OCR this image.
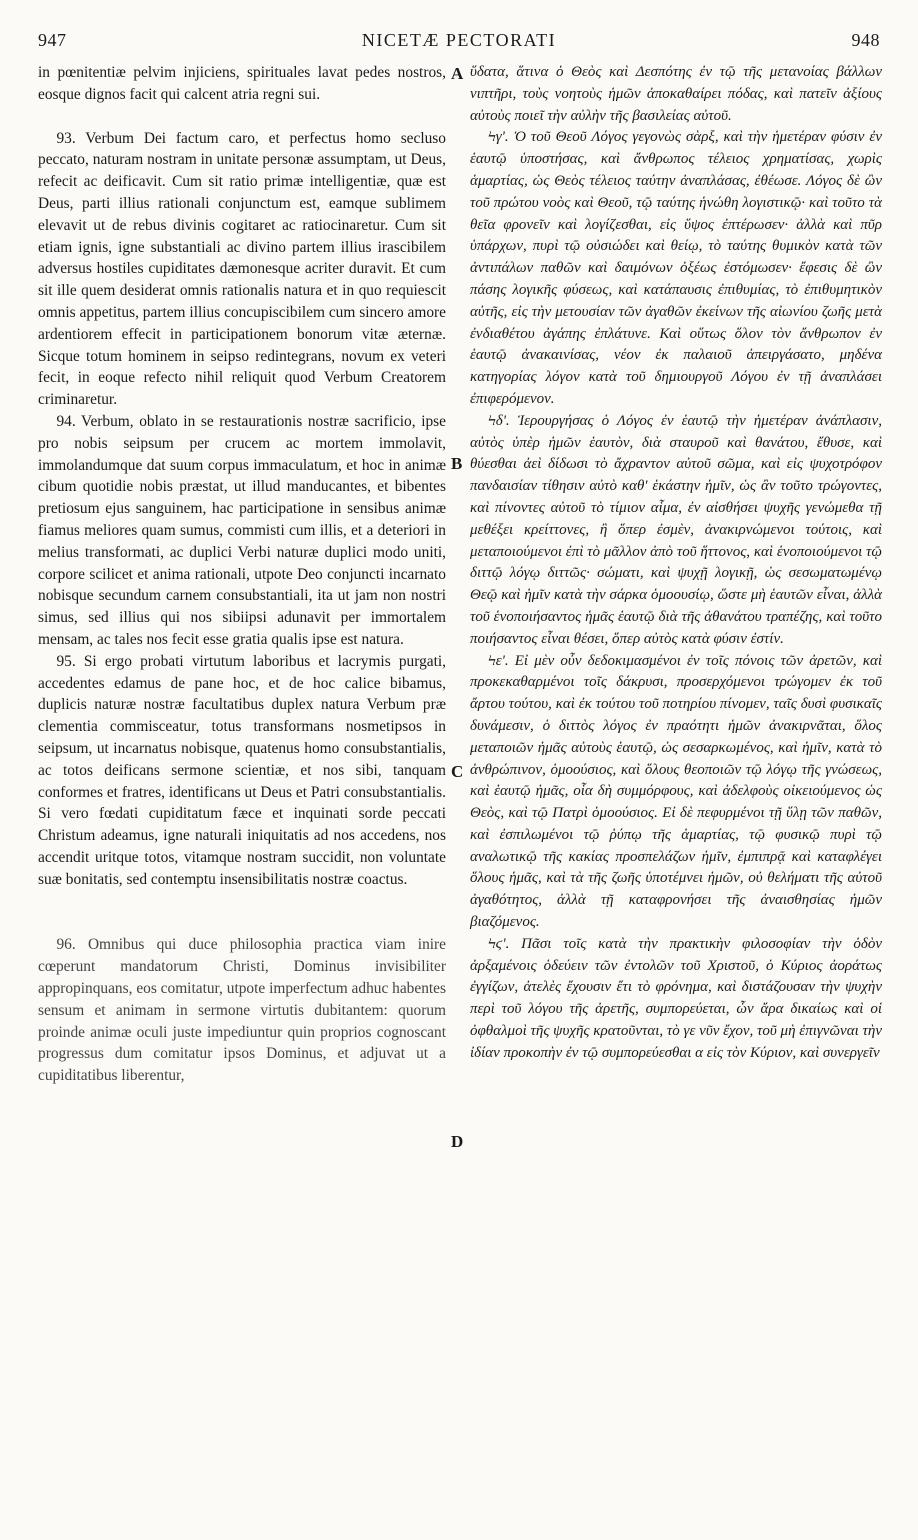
947	NICETÆ PECTORATI	948
A
B
C
D

in pœnitentiæ pelvim injiciens, spirituales lavat pedes nostros, eosque dignos facit qui calcent atria regni sui.

93. Verbum Dei factum caro, et perfectus homo secluso peccato, naturam nostram in unitate personæ assumptam, ut Deus, refecit ac deificavit. Cum sit ratio primæ intelligentiæ, quæ est Deus, parti illius rationali conjunctum est, eamque sublimem elevavit ut de rebus divinis cogitaret ac ratiocinaretur. Cum sit etiam ignis, igne substantiali ac divino partem illius irascibilem adversus hostiles cupiditates dæmonesque acriter duravit. Et cum sit ille quem desiderat omnis rationalis natura et in quo requiescit omnis appetitus, partem illius concupiscibilem cum sincero amore ardentiorem effecit in participationem bonorum vitæ æternæ. Sicque totum hominem in seipso redintegrans, novum ex veteri fecit, in eoque refecto nihil reliquit quod Verbum Creatorem criminaretur.

94. Verbum, oblato in se restaurationis nostræ sacrificio, ipse pro nobis seipsum per crucem ac mortem immolavit, immolandumque dat suum corpus immaculatum, et hoc in animæ cibum quotidie nobis præstat, ut illud manducantes, et bibentes pretiosum ejus sanguinem, hac participatione in sensibus animæ fiamus meliores quam sumus, commisti cum illis, et a deteriori in melius transformati, ac duplici Verbi naturæ duplici modo uniti, corpore scilicet et anima rationali, utpote Deo conjuncti incarnato nobisque secundum carnem consubstantiali, ita ut jam non nostri simus, sed illius qui nos sibiipsi adunavit per immortalem mensam, ac tales nos fecit esse gratia qualis ipse est natura.

95. Si ergo probati virtutum laboribus et lacrymis purgati, accedentes edamus de pane hoc, et de hoc calice bibamus, duplicis naturæ nostræ facultatibus duplex natura Verbum præ clementia commisceatur, totus transformans nosmetipsos in seipsum, ut incarnatus nobisque, quatenus homo consubstantialis, ac totos deificans sermone scientiæ, et nos sibi, tanquam conformes et fratres, identificans ut Deus et Patri consubstantialis. Si vero fœdati cupiditatum fæce et inquinati sorde peccati Christum adeamus, igne naturali iniquitatis ad nos accedens, nos accendit uritque totos, vitamque nostram succidit, non voluntate suæ bonitatis, sed contemptu insensibilitatis nostræ coactus.

96. Omnibus qui duce philosophia practica viam inire cœperunt mandatorum Christi, Dominus invisibiliter appropinquans, eos comitatur, utpote imperfectum adhuc habentes sensum et animam in sermone virtutis dubitantem: quorum proinde animæ oculi juste impediuntur quin proprios cognoscant progressus dum comitatur ipsos Dominus, et adjuvat ut a cupiditatibus liberentur,

ὕδατα, ἅτινα ὁ Θεὸς καὶ Δεσπότης ἐν τῷ τῆς μετανοίας βάλλων νιπτῆρι, τοὺς νοητοὺς ἡμῶν ἀποκαθαίρει πόδας, καὶ πατεῖν ἀξίους αὐτοὺς ποιεῖ τὴν αὐλὴν τῆς βασιλείας αὐτοῦ.

Ϟγ'. Ὁ τοῦ Θεοῦ Λόγος γεγονὼς σὰρξ, καὶ τὴν ἡμετέραν φύσιν ἐν ἑαυτῷ ὑποστήσας, καὶ ἄνθρωπος τέλειος χρηματίσας, χωρὶς ἁμαρτίας, ὡς Θεὸς τέλειος ταύτην ἀναπλάσας, ἐθέωσε. Λόγος δὲ ὢν τοῦ πρώτου νοὸς καὶ Θεοῦ, τῷ ταύτης ἡνώθη λογιστικῷ· καὶ τοῦτο τὰ θεῖα φρονεῖν καὶ λογίζεσθαι, εἰς ὕψος ἐπτέρωσεν· ἀλλὰ καὶ πῦρ ὑπάρχων, πυρὶ τῷ οὐσιώδει καὶ θείῳ, τὸ ταύτης θυμικὸν κατὰ τῶν ἀντιπάλων παθῶν καὶ δαιμόνων ὀξέως ἐστόμωσεν· ἔφεσις δὲ ὢν πάσης λογικῆς φύσεως, καὶ κατάπαυσις ἐπιθυμίας, τὸ ἐπιθυμητικὸν αὐτῆς, εἰς τὴν μετουσίαν τῶν ἀγαθῶν ἐκείνων τῆς αἰωνίου ζωῆς μετὰ ἐνδιαθέτου ἀγάπης ἐπλάτυνε. Καὶ οὕτως ὅλον τὸν ἄνθρωπον ἐν ἑαυτῷ ἀνακαινίσας, νέον ἐκ παλαιοῦ ἀπειργάσατο, μηδένα κατηγορίας λόγον κατὰ τοῦ δημιουργοῦ Λόγου ἐν τῇ ἀναπλάσει ἐπιφερόμενον.

Ϟδ'. Ἱερουργήσας ὁ Λόγος ἐν ἑαυτῷ τὴν ἡμετέραν ἀνάπλασιν, αὐτὸς ὑπὲρ ἡμῶν ἑαυτὸν, διὰ σταυροῦ καὶ θανάτου, ἔθυσε, καὶ θύεσθαι ἀεὶ δίδωσι τὸ ἄχραντον αὐτοῦ σῶμα, καὶ εἰς ψυχοτρόφον πανδαισίαν τίθησιν αὐτὸ καθ' ἑκάστην ἡμῖν, ὡς ἂν τοῦτο τρώγοντες, καὶ πίνοντες αὐτοῦ τὸ τίμιον αἷμα, ἐν αἰσθήσει ψυχῆς γενώμεθα τῇ μεθέξει κρείττονες, ἢ ὅπερ ἐσμὲν, ἀνακιρνώμενοι τούτοις, καὶ μεταποιούμενοι ἐπὶ τὸ μᾶλλον ἀπὸ τοῦ ἥττονος, καὶ ἑνοποιούμενοι τῷ διττῷ λόγῳ διττῶς· σώματι, καὶ ψυχῇ λογικῇ, ὡς σεσωματωμένῳ Θεῷ καὶ ἡμῖν κατὰ τὴν σάρκα ὁμοουσίῳ, ὥστε μὴ ἑαυτῶν εἶναι, ἀλλὰ τοῦ ἑνοποιήσαντος ἡμᾶς ἑαυτῷ διὰ τῆς ἀθανάτου τραπέζης, καὶ τοῦτο ποιήσαντος εἶναι θέσει, ὅπερ αὐτὸς κατὰ φύσιν ἐστίν.

Ϟε'. Εἰ μὲν οὖν δεδοκιμασμένοι ἐν τοῖς πόνοις τῶν ἀρετῶν, καὶ προκεκαθαρμένοι τοῖς δάκρυσι, προσερχόμενοι τρώγομεν ἐκ τοῦ ἄρτου τούτου, καὶ ἐκ τούτου τοῦ ποτηρίου πίνομεν, ταῖς δυσὶ φυσικαῖς δυνάμεσιν, ὁ διττὸς λόγος ἐν πραότητι ἡμῶν ἀνακιρνᾶται, ὅλος μεταποιῶν ἡμᾶς αὐτοὺς ἑαυτῷ, ὡς σεσαρκωμένος, καὶ ἡμῖν, κατὰ τὸ ἀνθρώπινον, ὁμοούσιος, καὶ ὅλους θεοποιῶν τῷ λόγῳ τῆς γνώσεως, καὶ ἑαυτῷ ἡμᾶς, οἷα δὴ συμμόρφους, καὶ ἀδελφοὺς οἰκειούμενος ὡς Θεὸς, καὶ τῷ Πατρὶ ὁμοούσιος. Εἰ δὲ πεφυρμένοι τῇ ὕλῃ τῶν παθῶν, καὶ ἐσπιλωμένοι τῷ ῥύπῳ τῆς ἁμαρτίας, τῷ φυσικῷ πυρὶ τῷ αναλωτικῷ τῆς κακίας προσπελάζων ἡμῖν, ἐμπιπρᾷ καὶ καταφλέγει ὅλους ἡμᾶς, καὶ τὰ τῆς ζωῆς ὑποτέμνει ἡμῶν, οὐ θελήματι τῆς αὐτοῦ ἀγαθότητος, ἀλλὰ τῇ καταφρονήσει τῆς ἀναισθησίας ἡμῶν βιαζόμενος.

Ϟϛ'. Πᾶσι τοῖς κατὰ τὴν πρακτικὴν φιλοσοφίαν τὴν ὁδὸν ἀρξαμένοις ὁδεύειν τῶν ἐντολῶν τοῦ Χριστοῦ, ὁ Κύριος ἀοράτως ἐγγίζων, ἀτελὲς ἔχουσιν ἔτι τὸ φρόνημα, καὶ διστάζουσαν τὴν ψυχὴν περὶ τοῦ λόγου τῆς ἀρετῆς, συμπορεύεται, ὧν ἄρα δικαίως καὶ οἱ ὀφθαλμοὶ τῆς ψυχῆς κρατοῦνται, τὸ γε νῦν ἔχον, τοῦ μὴ ἐπιγνῶναι τὴν ἰδίαν προκοπὴν ἐν τῷ συμπορεύεσθαι α εἰς τὸν Κύριον, καὶ συνεργεῖν
